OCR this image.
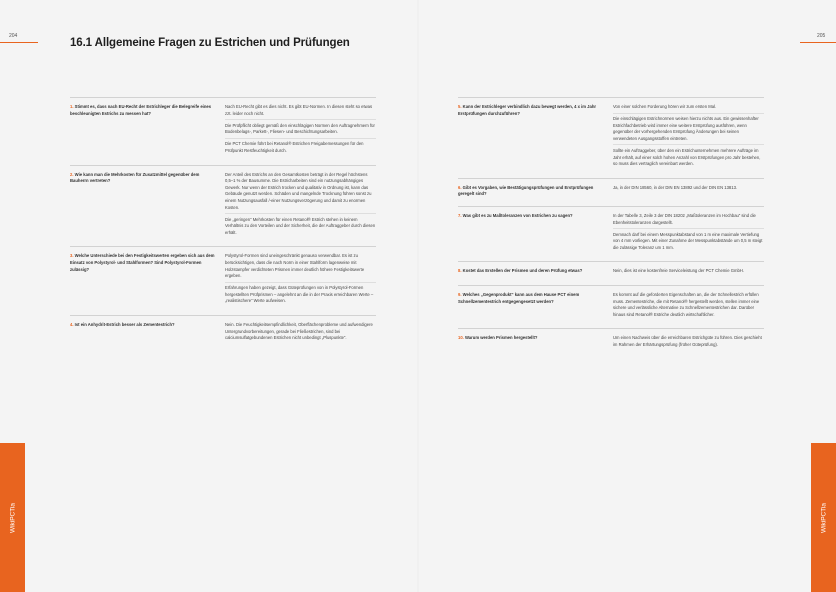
204	205
16.1 Allgemeine Fragen zu Estrichen und Prüfungen
WikiPCTia	WikiPCTia
1. Stimmt es, dass nach EU-Recht der Estrichleger die Belegreife eines beschleunigten Estrichs zu messen hat?

Nach EU-Recht gibt es dies nicht. Es gibt EU-Normen. In diesen steht so etwas zzt. leider noch nicht.

Die Prüfpflicht obliegt gemäß den einschlägigen Normen den Auftragnehmern für Bodenbelags-, Parkett-, Fliesen- und Beschichtungsarbeiten.

Die PCT Chemie führt bei Retanol® Estrichen Freigabemessungen für den Prüfpunkt Restfeuchtigkeit durch.

2. Wie kann man die Mehrkosten für Zusatzmittel gegenüber dem Bauherrn vertreten?

Der Anteil des Estrichs an den Gesamtkosten beträgt in der Regel höchstens 0,5–1 % der Bausumme. Die Estricharbeiten sind ein nutzungsabhängiges Gewerk. Nur wenn der Estrich trocken und qualitativ in Ordnung ist, kann das Gebäude genutzt werden. Schäden und mangelnde Trocknung führen sonst zu einem Nutzungsausfall /-einer Nutzungsverzögerung und damit zu enormen Kosten.

Die „geringen“ Mehrkosten für einen Retanol® Estrich stehen in keinem Verhältnis zu den Vorteilen und der Sicherheit, die der Auftraggeber durch diesen erhält.

3. Welche Unterschiede bei den Festigkeitswerten ergeben sich aus dem Einsatz von Polystyrol- und Stahlformen? Sind Polystyrol-Formen zulässig?

Polystyrol-Formen sind uneingeschränkt genauso verwendbar. Es ist zu berücksichtigen, dass die nach Norm in einer Stahlform lagenweise mit Holzstampfer verdichteten Prismen immer deutlich höhere Festigkeitswerte ergeben.

Erfahrungen haben gezeigt, dass Güteprüfungen von in Polystyrol-Formen hergestellten Prüfprismen – angelehnt an die in der Praxis erreichbaren Werte – „realistischere“ Werte aufweisen.

4. Ist ein Anhydrit-Estrich besser als Zementestrich?	Nein. Die Feuchtigkeitsempfindlichkeit, Oberflächenprobleme und aufwendigere Untergrundvorbereitungen, gerade bei Fließestrichen, sind bei calciumsulfatgebundenen Estrichen nicht unbedingt „Pluspunkte“.

5. Kann der Estrichleger verbindlich dazu bewegt werden, 4 x im Jahr Erstprüfungen durchzuführen?

Von einer solchen Forderung hören wir zum ersten Mal.

Die einschlägigen Estrichnormen weisen hierzu nichts aus. Ein gewissenhafter Estrichfachbetrieb wird immer eine weitere Erstprüfung ausführen, wenn gegenüber der vorhergehenden Erstprüfung Änderungen bei seinen verwendeten Ausgangsstoffen eintreten.

Sollte ein Auftraggeber, über den ein Estrichunternehmen mehrere Aufträge im Jahr erhält, auf einer solch hohen Anzahl von Erstprüfungen pro Jahr bestehen, so muss dies vertraglich vereinbart werden.

6. Gibt es Vorgaben, wie Bestätigungsprüfungen und Erstprüfungen geregelt sind?

Ja, in der DIN 18560, in der DIN EN 13892 und der DIN EN 13813.

7. Was gibt es zu Maßtoleranzen von Estrichen zu sagen?	In der Tabelle 3, Zeile 3 der DIN 18202 „Maßtoleranzen im Hochbau“ sind die Ebenheitstoleranzen dargestellt.

Demnach darf bei einem Messpunktabstand von 1 m eine maximale Vertiefung von 4 mm vorliegen. Mit einer Zunahme der Messpunktabstände um 0,5 m steigt die zulässige Toleranz um 1 mm.

8. Kostet das Erstellen der Prismen und deren Prüfung etwas?	Nein, dies ist eine kostenfreie Serviceleistung der PCT Chemie GmbH.

9. Welches „Gegenprodukt“ kann aus dem Hause PCT einem Schnellzementestrich entgegengesetzt werden?

Es kommt auf die geforderten Eigenschaften an, die der Schnellestrich erfüllen muss. Zementestriche, die mit Retanol® hergestellt werden, stellen immer eine sichere und verlässliche Alternative zu Schnellzementestrichen dar. Darüber hinaus sind Retanol® Estriche deutlich wirtschaftlicher.

10. Warum werden Prismen hergestellt?	Um einen Nachweis über die erreichbaren Estrichgüte zu führen. Dies geschieht im Rahmen der Erhärtungsprüfung (früher Güteprüfung).
